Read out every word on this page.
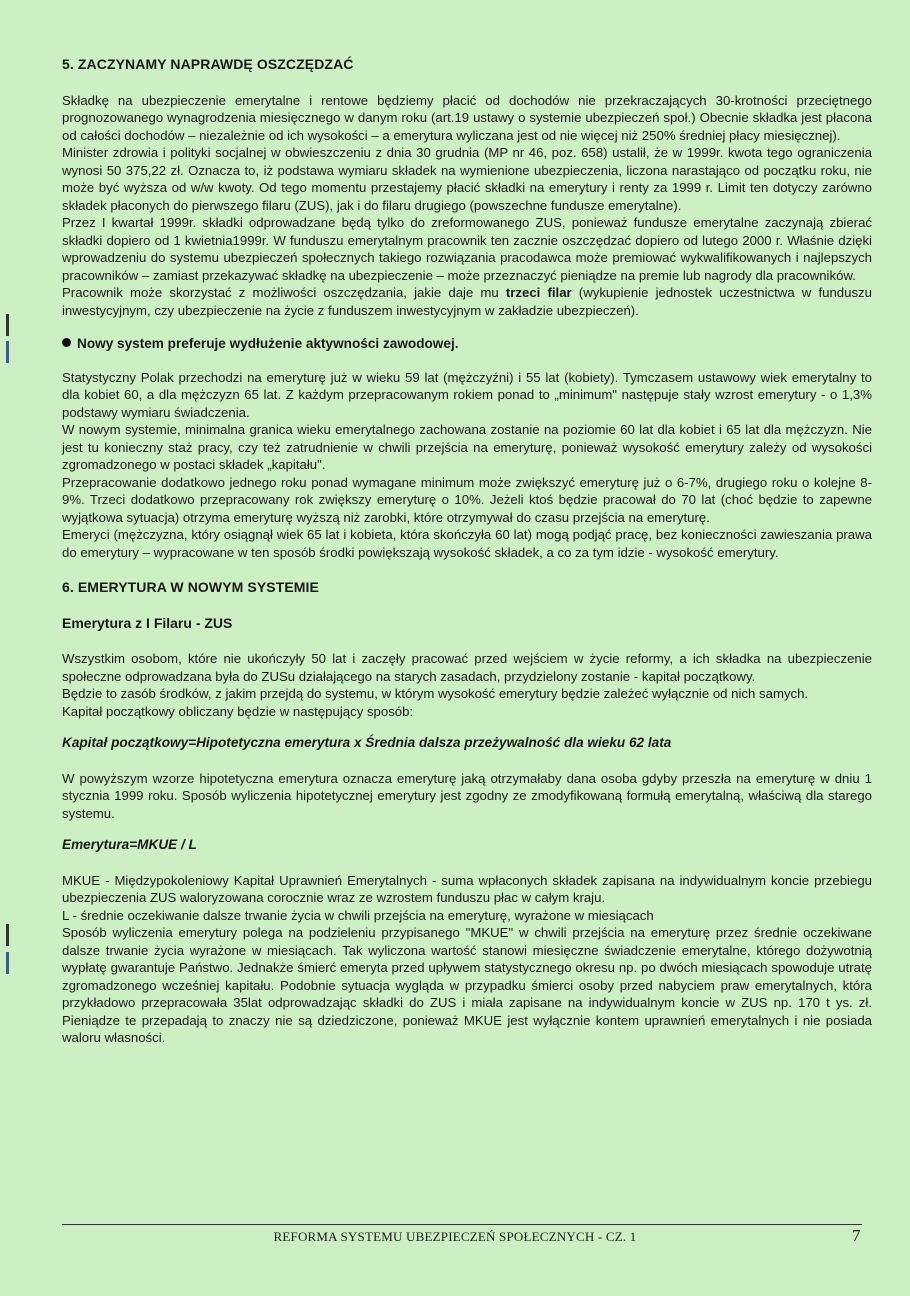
5. ZACZYNAMY NAPRAWDĘ OSZCZĘDZAĆ

Składkę na ubezpieczenie emerytalne i rentowe będziemy płacić od dochodów nie przekraczających 30-krotności przeciętnego prognozowanego wynagrodzenia miesięcznego w danym roku (art.19 ustawy o systemie ubezpieczeń społ.) Obecnie składka jest płacona od całości dochodów – niezależnie od ich wysokości – a emerytura wyliczana jest od nie więcej niż 250% średniej płacy miesięcznej).

Minister zdrowia i polityki socjalnej w obwieszczeniu z dnia 30 grudnia (MP nr 46, poz. 658) ustalił, że w 1999r. kwota tego ograniczenia wynosi 50 375,22 zł. Oznacza to, iż podstawa wymiaru składek na wymienione ubezpieczenia, liczona narastająco od początku roku, nie może być wyższa od w/w kwoty. Od tego momentu przestajemy płacić składki na emerytury i renty za 1999 r. Limit ten dotyczy zarówno składek płaconych do pierwszego filaru (ZUS), jak i do filaru drugiego (powszechne fundusze emerytalne).

Przez I kwartał 1999r. składki odprowadzane będą tylko do zreformowanego ZUS, ponieważ fundusze emerytalne zaczynają zbierać składki dopiero od 1 kwietnia1999r. W funduszu emerytalnym pracownik ten zacznie oszczędzać dopiero od lutego 2000 r. Właśnie dzięki wprowadzeniu do systemu ubezpieczeń społecznych takiego rozwiązania pracodawca może premiować wykwalifikowanych i najlepszych pracowników – zamiast przekazywać składkę na ubezpieczenie – może przeznaczyć pieniądze na premie lub nagrody dla pracowników.

Pracownik może skorzystać z możliwości oszczędzania, jakie daje mu trzeci filar (wykupienie jednostek uczestnictwa w funduszu inwestycyjnym, czy ubezpieczenie na życie z funduszem inwestycyjnym w zakładzie ubezpieczeń).

Nowy system preferuje wydłużenie aktywności zawodowej.

Statystyczny Polak przechodzi na emeryturę już w wieku 59 lat (mężczyźni) i 55 lat (kobiety). Tymczasem ustawowy wiek emerytalny to dla kobiet 60, a dla mężczyzn 65 lat. Z każdym przepracowanym rokiem ponad to „minimum" następuje stały wzrost emerytury - o 1,3% podstawy wymiaru świadczenia.

W nowym systemie, minimalna granica wieku emerytalnego zachowana zostanie na poziomie 60 lat dla kobiet i 65 lat dla mężczyzn. Nie jest tu konieczny staż pracy, czy też zatrudnienie w chwili przejścia na emeryturę, ponieważ wysokość emerytury zależy od wysokości zgromadzonego w postaci składek „kapitału".

Przepracowanie dodatkowo jednego roku ponad wymagane minimum może zwiększyć emeryturę już o 6-7%, drugiego roku o kolejne 8-9%. Trzeci dodatkowo przepracowany rok zwiększy emeryturę o 10%. Jeżeli ktoś będzie pracował do 70 lat (choć będzie to zapewne wyjątkowa sytuacja) otrzyma emeryturę wyższą niż zarobki, które otrzymywał do czasu przejścia na emeryturę.

Emeryci (mężczyzna, który osiągnął wiek 65 lat i kobieta, która skończyła 60 lat) mogą podjąć pracę, bez konieczności zawieszania prawa do emerytury – wypracowane w ten sposób środki powiększają wysokość składek, a co za tym idzie - wysokość emerytury.

6. EMERYTURA W NOWYM SYSTEMIE
Emerytura z I Filaru - ZUS

Wszystkim osobom, które nie ukończyły 50 lat i zaczęły pracować przed wejściem w życie reformy, a ich składka na ubezpieczenie społeczne odprowadzana była do ZUSu działającego na starych zasadach, przydzielony zostanie - kapitał początkowy.

Będzie to zasób środków, z jakim przejdą do systemu, w którym wysokość emerytury będzie zależeć wyłącznie od nich samych.

Kapitał początkowy obliczany będzie w następujący sposób:

Kapitał początkowy=Hipotetyczna emerytura x Średnia dalsza przeżywalność dla wieku 62 lata

W powyższym wzorze hipotetyczna emerytura oznacza emeryturę jaką otrzymałaby dana osoba gdyby przeszła na emeryturę w dniu 1 stycznia 1999 roku. Sposób wyliczenia hipotetycznej emerytury jest zgodny ze zmodyfikowaną formułą emerytalną, właściwą dla starego systemu.

Emerytura=MKUE / L

MKUE - Międzypokoleniowy Kapitał Uprawnień Emerytalnych - suma wpłaconych składek zapisana na indywidualnym koncie przebiegu ubezpieczenia ZUS waloryzowana corocznie wraz ze wzrostem funduszu płac w całym kraju.

L - średnie oczekiwanie dalsze trwanie życia w chwili przejścia na emeryturę, wyrażone w miesiącach

Sposób wyliczenia emerytury polega na podzieleniu przypisanego "MKUE" w chwili przejścia na emeryturę przez średnie oczekiwane dalsze trwanie życia wyrażone w miesiącach. Tak wyliczona wartość stanowi miesięczne świadczenie emerytalne, którego dożywotnią wypłatę gwarantuje Państwo. Jednakże śmierć emeryta przed upływem statystycznego okresu np. po dwóch miesiącach spowoduje utratę zgromadzonego wcześniej kapitału. Podobnie sytuacja wygląda w przypadku śmierci osoby przed nabyciem praw emerytalnych, która przykładowo przepracowała 35lat odprowadzając składki do ZUS i miała zapisane na indywidualnym koncie w ZUS np. 170 t ys. zł. Pieniądze te przepadają to znaczy nie są dziedziczone, ponieważ MKUE jest wyłącznie kontem uprawnień emerytalnych i nie posiada waloru własności.

REFORMA SYSTEMU UBEZPIECZEŃ SPOŁECZNYCH - CZ. 1	7
